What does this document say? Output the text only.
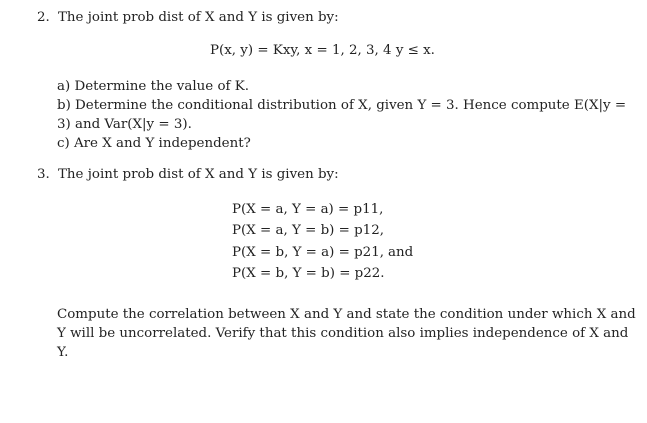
2. The joint prob dist of X and Y is given by:
P(x, y) = Kxy, x = 1, 2, 3, 4 y ≤ x.
a) Determine the value of K.
b) Determine the conditional distribution of X, given Y = 3. Hence compute E(X|y =
3) and Var(X|y = 3).
c) Are X and Y independent?
3. The joint prob dist of X and Y is given by:
P(X = a, Y = a) = p11,
P(X = a, Y = b) = p12,
P(X = b, Y = a) = p21, and
P(X = b, Y = b) = p22.
Compute the correlation between X and Y and state the condition under which X and
Y will be uncorrelated. Verify that this condition also implies independence of X and
Y.
